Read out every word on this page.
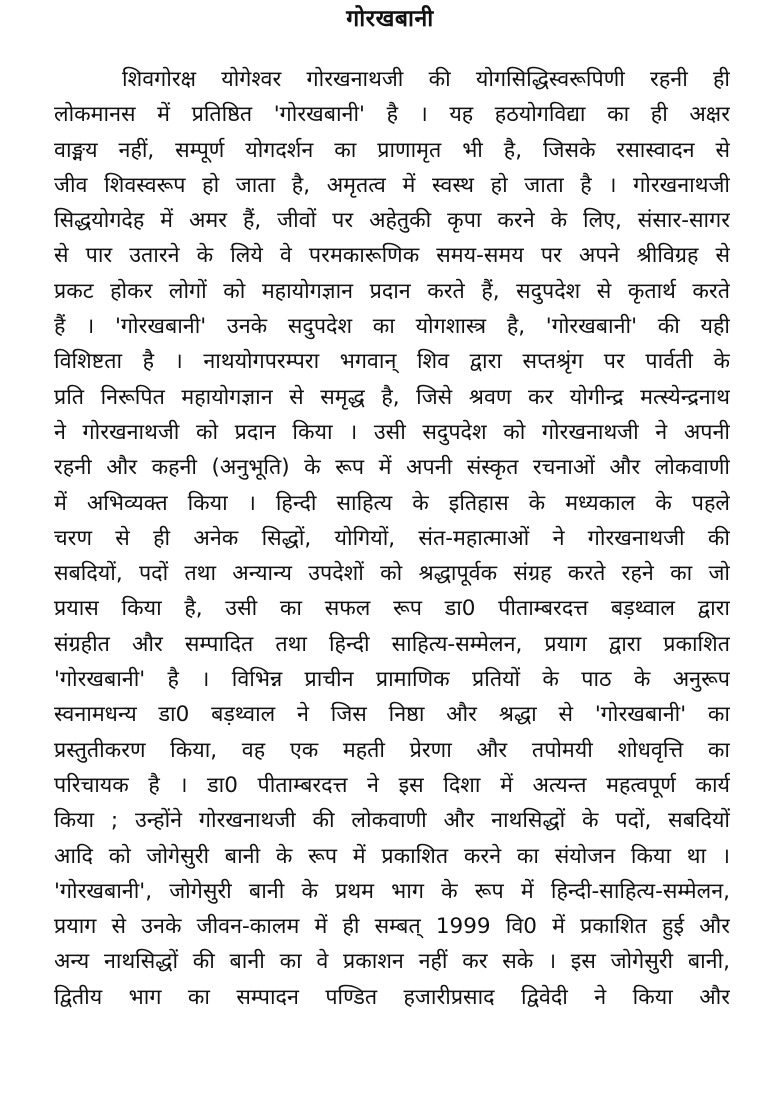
गोरखबानी
शिवगोरक्ष योगेश्वर गोरखनाथजी की योगसिद्धिस्वरूपिणी रहनी ही
लोकमानस में प्रतिष्ठित 'गोरखबानी' है । यह हठयोगविद्या का ही अक्षर
वाङ्मय नहीं, सम्पूर्ण योगदर्शन का प्राणामृत भी है, जिसके रसास्वादन से
जीव शिवस्वरूप हो जाता है, अमृतत्व में स्वस्थ हो जाता है । गोरखनाथजी
सिद्धयोगदेह में अमर हैं, जीवों पर अहेतुकी कृपा करने के लिए, संसार-सागर
से पार उतारने के लिये वे परमकारूणिक समय-समय पर अपने श्रीविग्रह से
प्रकट होकर लोगों को महायोगज्ञान प्रदान करते हैं, सदुपदेश से कृतार्थ करते
हैं । 'गोरखबानी' उनके सदुपदेश का योगशास्त्र है, 'गोरखबानी' की यही
विशिष्टता है । नाथयोगपरम्परा भगवान् शिव द्वारा सप्तश्रृंग पर पार्वती के
प्रति निरूपित महायोगज्ञान से समृद्ध है, जिसे श्रवण कर योगीन्द्र मत्स्येन्द्रनाथ
ने गोरखनाथजी को प्रदान किया । उसी सदुपदेश को गोरखनाथजी ने अपनी
रहनी और कहनी (अनुभूति) के रूप में अपनी संस्कृत रचनाओं और लोकवाणी
में अभिव्यक्त किया । हिन्दी साहित्य के इतिहास के मध्यकाल के पहले
चरण से ही अनेक सिद्धों, योगियों, संत-महात्माओं ने गोरखनाथजी की
सबदियों, पदों तथा अन्यान्य उपदेशों को श्रद्धापूर्वक संग्रह करते रहने का जो
प्रयास किया है, उसी का सफल रूप डा0 पीताम्बरदत्त बड़थ्वाल द्वारा
संग्रहीत और सम्पादित तथा हिन्दी साहित्य-सम्मेलन, प्रयाग द्वारा प्रकाशित
'गोरखबानी' है । विभिन्न प्राचीन प्रामाणिक प्रतियों के पाठ के अनुरूप
स्वनामधन्य डा0 बड़थ्वाल ने जिस निष्ठा और श्रद्धा से 'गोरखबानी' का
प्रस्तुतीकरण किया, वह एक महती प्रेरणा और तपोमयी शोधवृत्ति का
परिचायक है । डा0 पीताम्बरदत्त ने इस दिशा में अत्यन्त महत्वपूर्ण कार्य
किया ; उन्होंने गोरखनाथजी की लोकवाणी और नाथसिद्धों के पदों, सबदियों
आदि को जोगेसुरी बानी के रूप में प्रकाशित करने का संयोजन किया था ।
'गोरखबानी', जोगेसुरी बानी के प्रथम भाग के रूप में हिन्दी-साहित्य-सम्मेलन,
प्रयाग से उनके जीवन-कालम में ही सम्बत् 1999 वि0 में प्रकाशित हुई और
अन्य नाथसिद्धों की बानी का वे प्रकाशन नहीं कर सके । इस जोगेसुरी बानी,
द्वितीय भाग का सम्पादन पण्डित हजारीप्रसाद द्विवेदी ने किया और
